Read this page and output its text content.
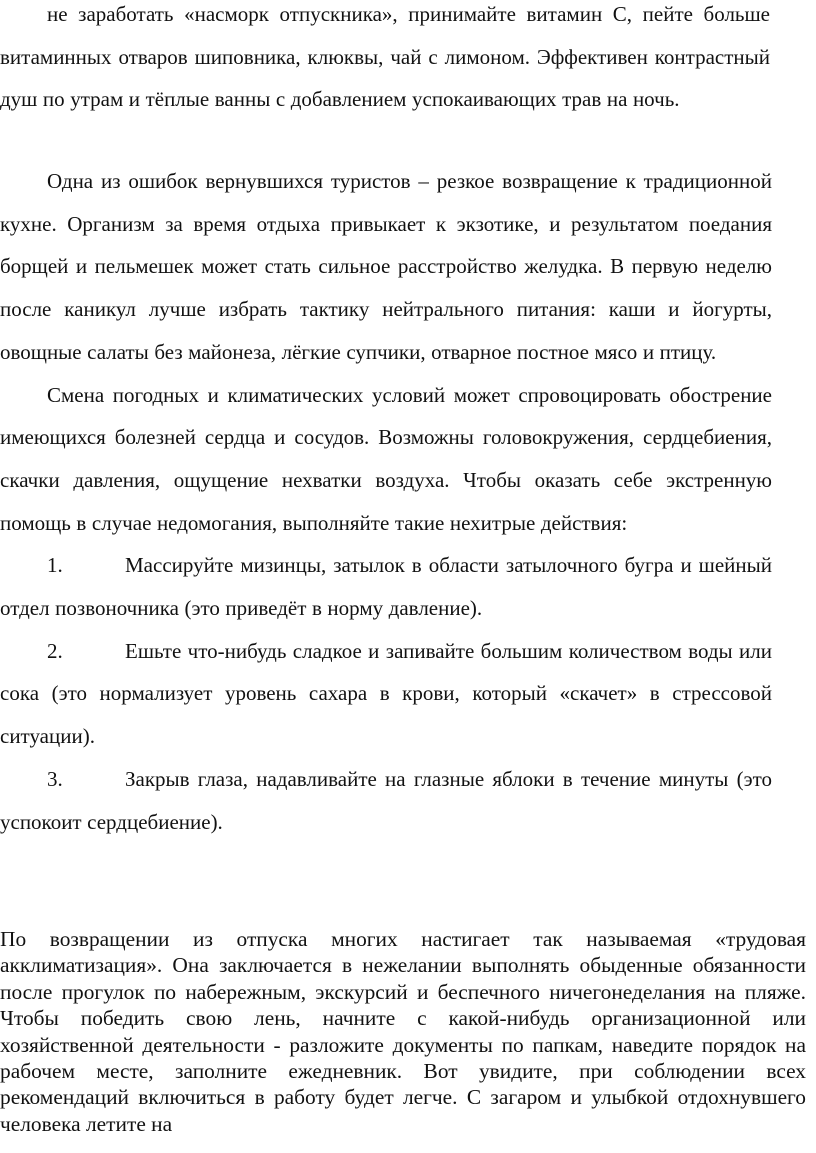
не заработать «насморк отпускника», принимайте витамин С, пейте больше витаминных отваров шиповника, клюквы, чай с лимоном. Эффективен контрастный душ по утрам и тёплые ванны с добавлением успокаивающих трав на ночь.

Одна из ошибок вернувшихся туристов – резкое возвращение к традиционной кухне. Организм за время отдыха привыкает к экзотике, и результатом поедания борщей и пельмешек может стать сильное расстройство желудка. В первую неделю после каникул лучше избрать тактику нейтрального питания: каши и йогурты, овощные салаты без майонеза, лёгкие супчики, отварное постное мясо и птицу.

Смена погодных и климатических условий может спровоцировать обострение имеющихся болезней сердца и сосудов. Возможны головокружения, сердцебиения, скачки давления, ощущение нехватки воздуха. Чтобы оказать себе экстренную помощь в случае недомогания, выполняйте такие нехитрые действия:

1.	Массируйте мизинцы, затылок в области затылочного бугра и шейный отдел позвоночника (это приведёт в норму давление).

2.	Ешьте что-нибудь сладкое и запивайте большим количеством воды или сока (это нормализует уровень сахара в крови, который «скачет» в стрессовой ситуации).

3.	Закрыв глаза, надавливайте на глазные яблоки в течение минуты (это успокоит сердцебиение).

По возвращении из отпуска многих настигает так называемая «трудовая акклиматизация». Она заключается в нежелании выполнять обыденные обязанности после прогулок по набережным, экскурсий и беспечного ничегонеделания на пляже. Чтобы победить свою лень, начните с какой-нибудь организационной или хозяйственной деятельности - разложите документы по папкам, наведите порядок на рабочем месте, заполните ежедневник. Вот увидите, при соблюдении всех рекомендаций включиться в работу будет легче. С загаром и улыбкой отдохнувшего человека летите на
